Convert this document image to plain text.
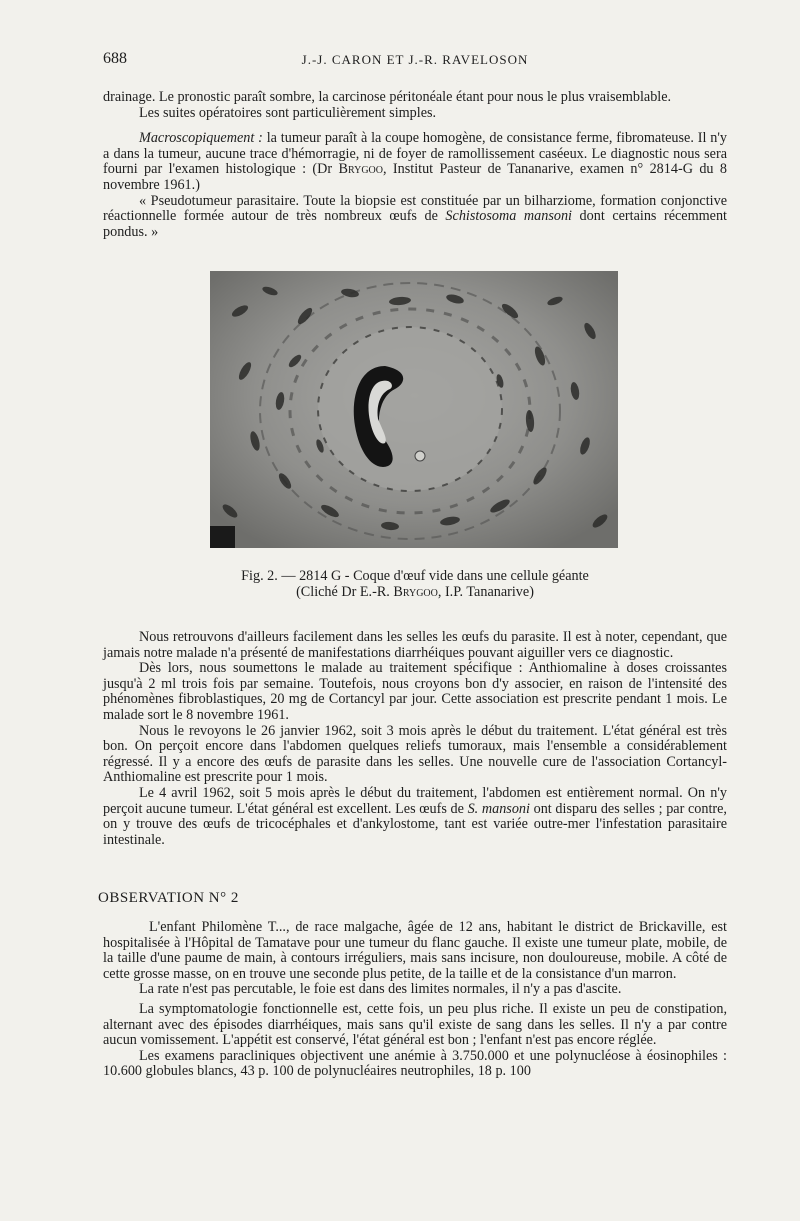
688	J.-J. CARON ET J.-R. RAVELOSON

drainage. Le pronostic paraît sombre, la carcinose péritonéale étant pour nous le plus vraisemblable.

Les suites opératoires sont particulièrement simples.

Macroscopiquement : la tumeur paraît à la coupe homogène, de consistance ferme, fibromateuse. Il n'y a dans la tumeur, aucune trace d'hémorragie, ni de foyer de ramollissement caséeux. Le diagnostic nous sera fourni par l'examen histologique : (Dr Brygoo, Institut Pasteur de Tananarive, examen n° 2814-G du 8 novembre 1961.)

« Pseudotumeur parasitaire. Toute la biopsie est constituée par un bilharziome, formation conjonctive réactionnelle formée autour de très nombreux œufs de Schistosoma mansoni dont certains récemment pondus. »

Fig. 2. — 2814 G - Coque d'œuf vide dans une cellule géante
(Cliché Dr E.-R. Brygoo, I.P. Tananarive)

Nous retrouvons d'ailleurs facilement dans les selles les œufs du parasite. Il est à noter, cependant, que jamais notre malade n'a présenté de manifestations diarrhéiques pouvant aiguiller vers ce diagnostic.

Dès lors, nous soumettons le malade au traitement spécifique : Anthiomaline à doses croissantes jusqu'à 2 ml trois fois par semaine. Toutefois, nous croyons bon d'y associer, en raison de l'intensité des phénomènes fibroblastiques, 20 mg de Cortancyl par jour. Cette association est prescrite pendant 1 mois. Le malade sort le 8 novembre 1961.

Nous le revoyons le 26 janvier 1962, soit 3 mois après le début du traitement. L'état général est très bon. On perçoit encore dans l'abdomen quelques reliefs tumoraux, mais l'ensemble a considérablement régressé. Il y a encore des œufs de parasite dans les selles. Une nouvelle cure de l'association Cortancyl-Anthiomaline est prescrite pour 1 mois.

Le 4 avril 1962, soit 5 mois après le début du traitement, l'abdomen est entièrement normal. On n'y perçoit aucune tumeur. L'état général est excellent. Les œufs de S. mansoni ont disparu des selles ; par contre, on y trouve des œufs de tricocéphales et d'ankylostome, tant est variée outre-mer l'infestation parasitaire intestinale.

OBSERVATION N° 2

L'enfant Philomène T..., de race malgache, âgée de 12 ans, habitant le district de Brickaville, est hospitalisée à l'Hôpital de Tamatave pour une tumeur du flanc gauche. Il existe une tumeur plate, mobile, de la taille d'une paume de main, à contours irréguliers, mais sans incisure, non douloureuse, mobile. A côté de cette grosse masse, on en trouve une seconde plus petite, de la taille et de la consistance d'un marron.

La rate n'est pas percutable, le foie est dans des limites normales, il n'y a pas d'ascite.

La symptomatologie fonctionnelle est, cette fois, un peu plus riche. Il existe un peu de constipation, alternant avec des épisodes diarrhéiques, mais sans qu'il existe de sang dans les selles. Il n'y a par contre aucun vomissement. L'appétit est conservé, l'état général est bon ; l'enfant n'est pas encore réglée.

Les examens paracliniques objectivent une anémie à 3.750.000 et une polynucléose à éosinophiles : 10.600 globules blancs, 43 p. 100 de polynucléaires neutrophiles, 18 p. 100
